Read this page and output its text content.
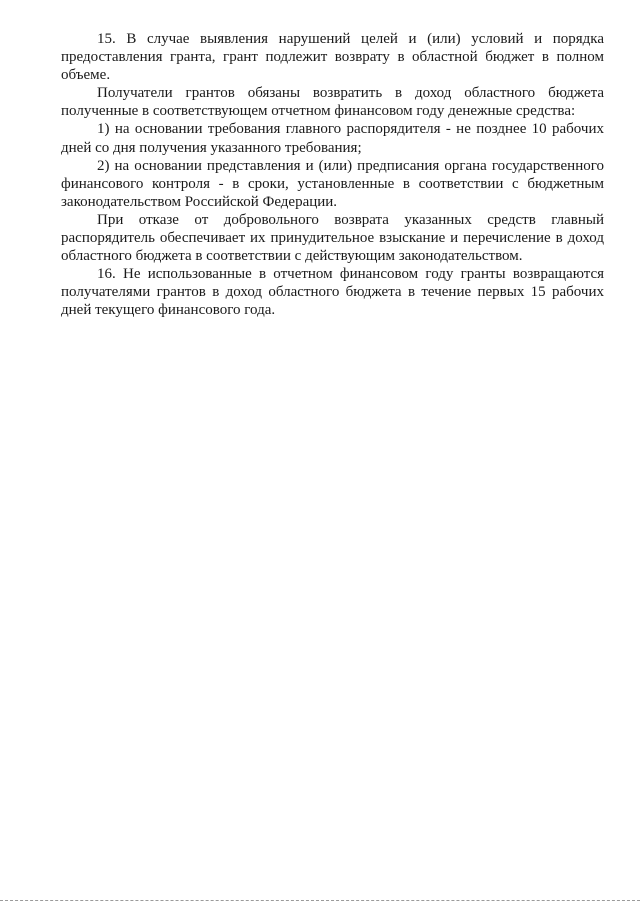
15. В случае выявления нарушений целей и (или) условий и порядка предоставления гранта, грант подлежит возврату в областной бюджет в полном объеме.

Получатели грантов обязаны возвратить в доход областного бюджета полученные в соответствующем отчетном финансовом году денежные средства:

1) на основании требования главного распорядителя - не позднее 10 рабочих дней со дня получения указанного требования;

2) на основании представления и (или) предписания органа государственного финансового контроля - в сроки, установленные в соответствии с бюджетным законодательством Российской Федерации.

При отказе от добровольного возврата указанных средств главный распорядитель обеспечивает их принудительное взыскание и перечисление в доход областного бюджета в соответствии с действующим законодательством.

16. Не использованные в отчетном финансовом году гранты возвращаются получателями грантов в доход областного бюджета в течение первых 15 рабочих дней текущего финансового года.
